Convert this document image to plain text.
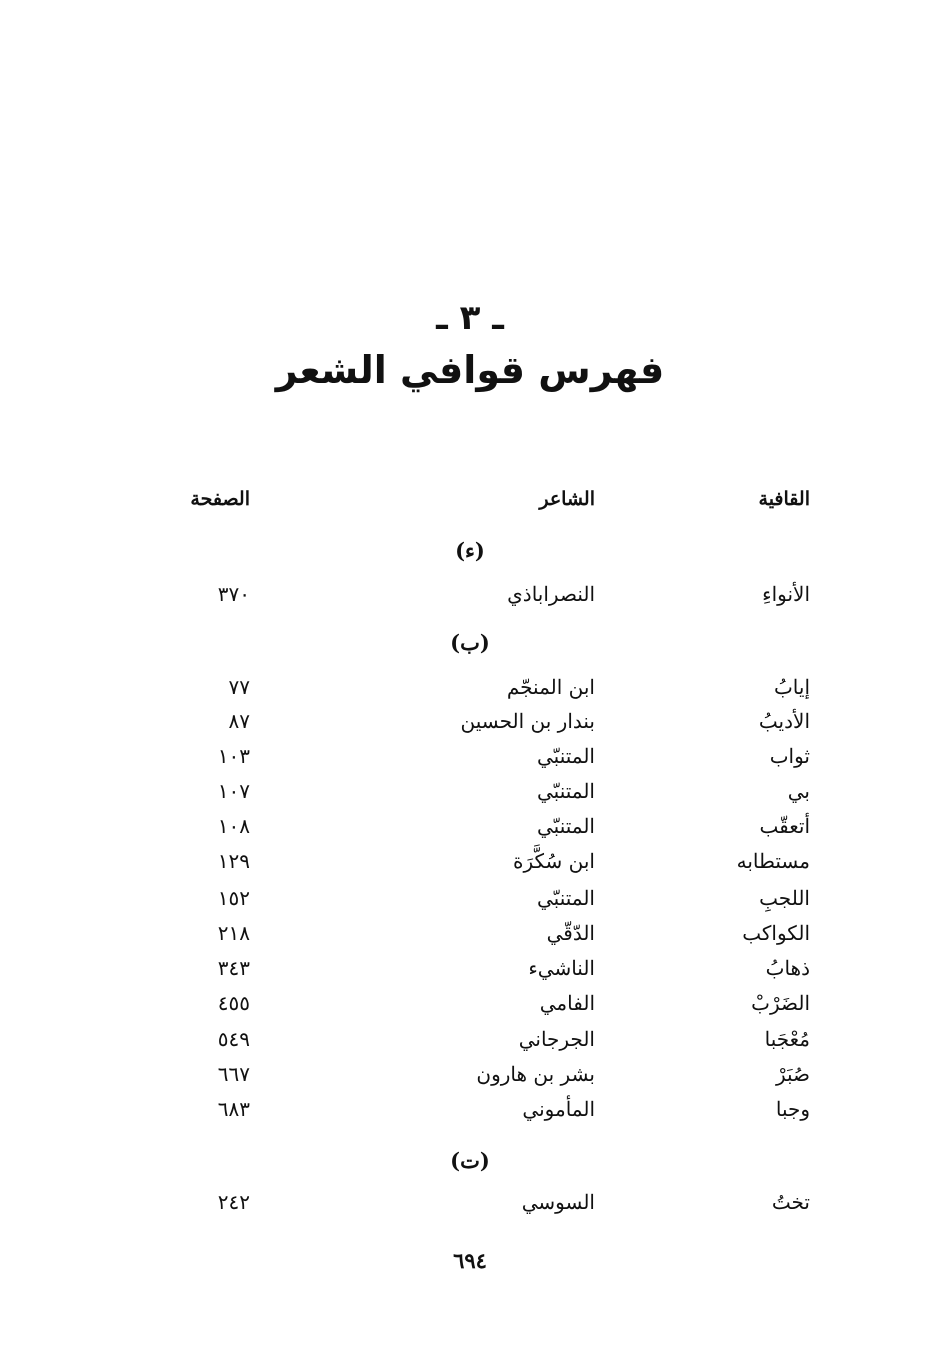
ـ ٣ ـ
فهرس قوافي الشعر
القافية
الشاعر
الصفحة
(ء)
الأنواءِ
النصراباذي
٣٧٠
(ب)
إيابُ
ابن المنجّم
٧٧
الأديبُ
بندار بن الحسين
٨٧
ثواب
المتنبّي
١٠٣
بي
المتنبّي
١٠٧
أتعقّب
المتنبّي
١٠٨
مستطابه
ابن سُكَّرَة
١٢٩
اللجبِ
المتنبّي
١٥٢
الكواكب
الدّقّي
٢١٨
ذهابُ
الناشيء
٣٤٣
الضَرْبْ
الفامي
٤٥٥
مُعْجَبا
الجرجاني
٥٤٩
صُبَرْ
بشر بن هارون
٦٦٧
وجبا
المأموني
٦٨٣
(ت)
تختُ
السوسي
٢٤٢
٦٩٤
